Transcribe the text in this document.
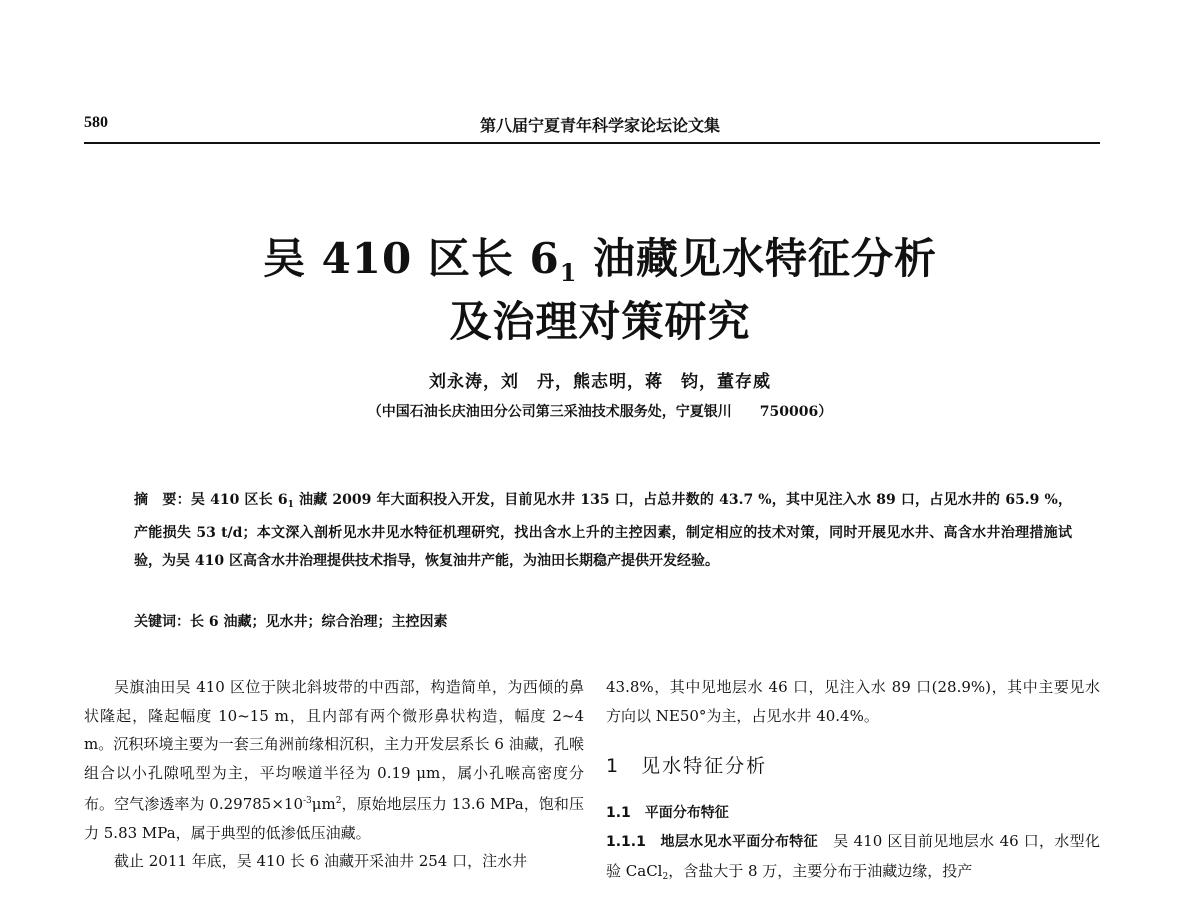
580	第八届宁夏青年科学家论坛论文集
吴 410 区长 $6_1$ 油藏见水特征分析
及治理对策研究
刘永涛，刘　丹，熊志明，蒋　钧，董存威
（中国石油长庆油田分公司第三采油技术服务处，宁夏银川　　750006）
摘　要：吴 410 区长 $6_1$ 油藏 2009 年大面积投入开发，目前见水井 135 口，占总井数的 43.7 %，其中见注入水 89 口，占见水井的 65.9 %，产能损失 53 t/d；本文深入剖析见水井见水特征机理研究，找出含水上升的主控因素，制定相应的技术对策，同时开展见水井、高含水井治理措施试验，为吴 410 区高含水井治理提供技术指导，恢复油井产能，为油田长期稳产提供开发经验。
关键词：长 6 油藏；见水井；综合治理；主控因素

吴旗油田吴 410 区位于陕北斜坡带的中西部，构造简单，为西倾的鼻状隆起，隆起幅度 10~15 m，且内部有两个微形鼻状构造，幅度 2~4 m。沉积环境主要为一套三角洲前缘相沉积，主力开发层系长 6 油藏，孔喉组合以小孔隙吼型为主，平均喉道半径为 0.19 μm，属小孔喉高密度分布。空气渗透率为 $0.29785\times 10^{-3}\mu m^2$，原始地层压力 13.6 MPa，饱和压力 5.83 MPa，属于典型的低渗低压油藏。

截止 2011 年底，吴 410 长 6 油藏开采油井 254 口，注水井

43.8%，其中见地层水 46 口，见注入水 89 口(28.9%)，其中主要见水方向以 NE50°为主，占见水井 40.4%。

1　见水特征分析

1.1　平面分布特征

1.1.1　地层水见水平面分布特征　吴 410 区目前见地层水 46 口，水型化验 CaCl$_2$，含盐大于 8 万，主要分布于油藏边缘，投产
